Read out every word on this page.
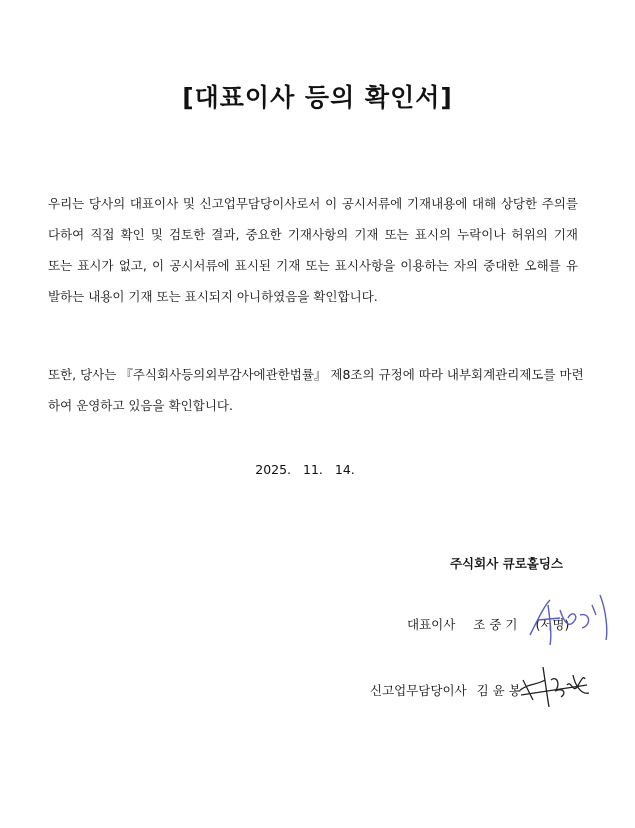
[대표이사 등의 확인서]
우리는 당사의 대표이사 및 신고업무담당이사로서 이 공시서류에 기재내용에 대해 상당한 주의를
다하여 직접 확인 및 검토한 결과, 중요한 기재사항의 기재 또는 표시의 누락이나 허위의 기재
또는 표시가 없고, 이 공시서류에 표시된 기재 또는 표시사항을 이용하는 자의 중대한 오해를 유
발하는 내용이 기재 또는 표시되지 아니하였음을 확인합니다.
또한, 당사는 『주식회사등의외부감사에관한법률』 제8조의 규정에 따라 내부회계관리제도를 마련
하여 운영하고 있음을 확인합니다.
2025. 11. 14.
주식회사 큐로홀딩스
대표이사 조 중 기 (서명)
신고업무담당이사 김 윤 봉
